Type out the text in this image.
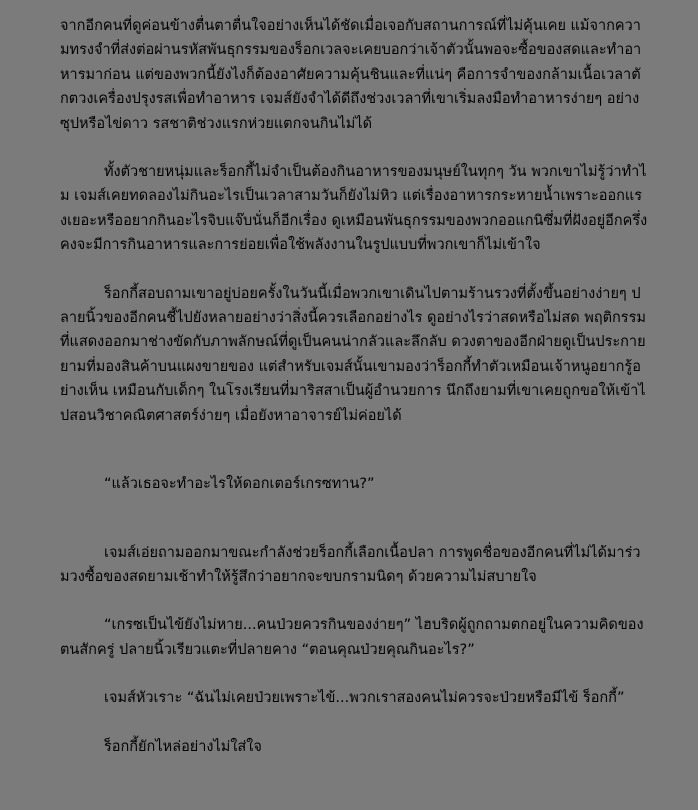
จากอีกคนที่ดูค่อนข้างตื่นตาตื่นใจอย่างเห็นได้ชัดเมื่อเจอกับสถานการณ์ที่ไม่คุ้นเคย แม้จากความทรงจำที่ส่งต่อผ่านรหัสพันธุกรรมของร็อกเวลจะเคยบอกว่าเจ้าตัวนั้นพอจะซื้อของสดและทำอาหารมาก่อน แต่ของพวกนี้ยังไงก็ต้องอาศัยความคุ้นชินและที่แน่ๆ คือการจำของกล้ามเนื้อเวลาตักตวงเครื่องปรุงรสเพื่อทำอาหาร เจมส์ยังจำได้ดีถึงช่วงเวลาที่เขาเริ่มลงมือทำอาหารง่ายๆ อย่างซุปหรือไข่ดาว รสชาติช่วงแรกห่วยแตกจนกินไม่ได้

ทั้งตัวชายหนุ่มและร็อกกี้ไม่จำเป็นต้องกินอาหารของมนุษย์ในทุกๆ วัน พวกเขาไม่รู้ว่าทำไม เจมส์เคยทดลองไม่กินอะไรเป็นเวลาสามวันก็ยังไม่หิว แต่เรื่องอาหารกระหายน้ำเพราะออกแรงเยอะหรืออยากกินอะไรจิบแจ๊บนั่นก็อีกเรื่อง ดูเหมือนพันธุกรรมของพวกออแกนิซึ่มที่ฝังอยู่อีกครึ่งคงจะมีการกินอาหารและการย่อยเพื่อใช้พลังงานในรูปแบบที่พวกเขาก็ไม่เข้าใจ

ร็อกกี้สอบถามเขาอยู่บ่อยครั้งในวันนี้เมื่อพวกเขาเดินไปตามร้านรวงที่ตั้งขึ้นอย่างง่ายๆ ปลายนิ้วของอีกคนชี้ไปยังหลายอย่างว่าสิ่งนี้ควรเลือกอย่างไร ดูอย่างไรว่าสดหรือไม่สด พฤติกรรมที่แสดงออกมาช่างขัดกับภาพลักษณ์ที่ดูเป็นคนน่ากลัวและลึกลับ ดวงตาของอีกฝ่ายดูเป็นประกายยามที่มองสินค้าบนแผงขายของ แต่สำหรับเจมส์นั้นเขามองว่าร็อกกี้ทำตัวเหมือนเจ้าหนูอยากรู้อย่างเห็น เหมือนกับเด็กๆ ในโรงเรียนที่มาริสสาเป็นผู้อำนวยการ นึกถึงยามที่เขาเคยถูกขอให้เข้าไปสอนวิชาคณิตศาสตร์ง่ายๆ เมื่อยังหาอาจารย์ไม่ค่อยได้

“แล้วเธอจะทำอะไรให้ดอกเตอร์เกรซทาน?”

เจมส์เอ่ยถามออกมาขณะกำลังช่วยร็อกกี้เลือกเนื้อปลา การพูดชื่อของอีกคนที่ไม่ได้มาร่วมวงซื้อของสดยามเช้าทำให้รู้สึกว่าอยากจะขบกรามนิดๆ ด้วยความไม่สบายใจ

“เกรซเป็นไข้ยังไม่หาย...คนป่วยควรกินของง่ายๆ” ไฮบริดผู้ถูกถามตกอยู่ในความคิดของตนสักครู่ ปลายนิ้วเรียวแตะที่ปลายคาง “ตอนคุณป่วยคุณกินอะไร?”

เจมส์หัวเราะ “ฉันไม่เคยป่วยเพราะไข้...พวกเราสองคนไม่ควรจะป่วยหรือมีไข้ ร็อกกี้”

ร็อกกี้ยักไหล่อย่างไม่ใส่ใจ
